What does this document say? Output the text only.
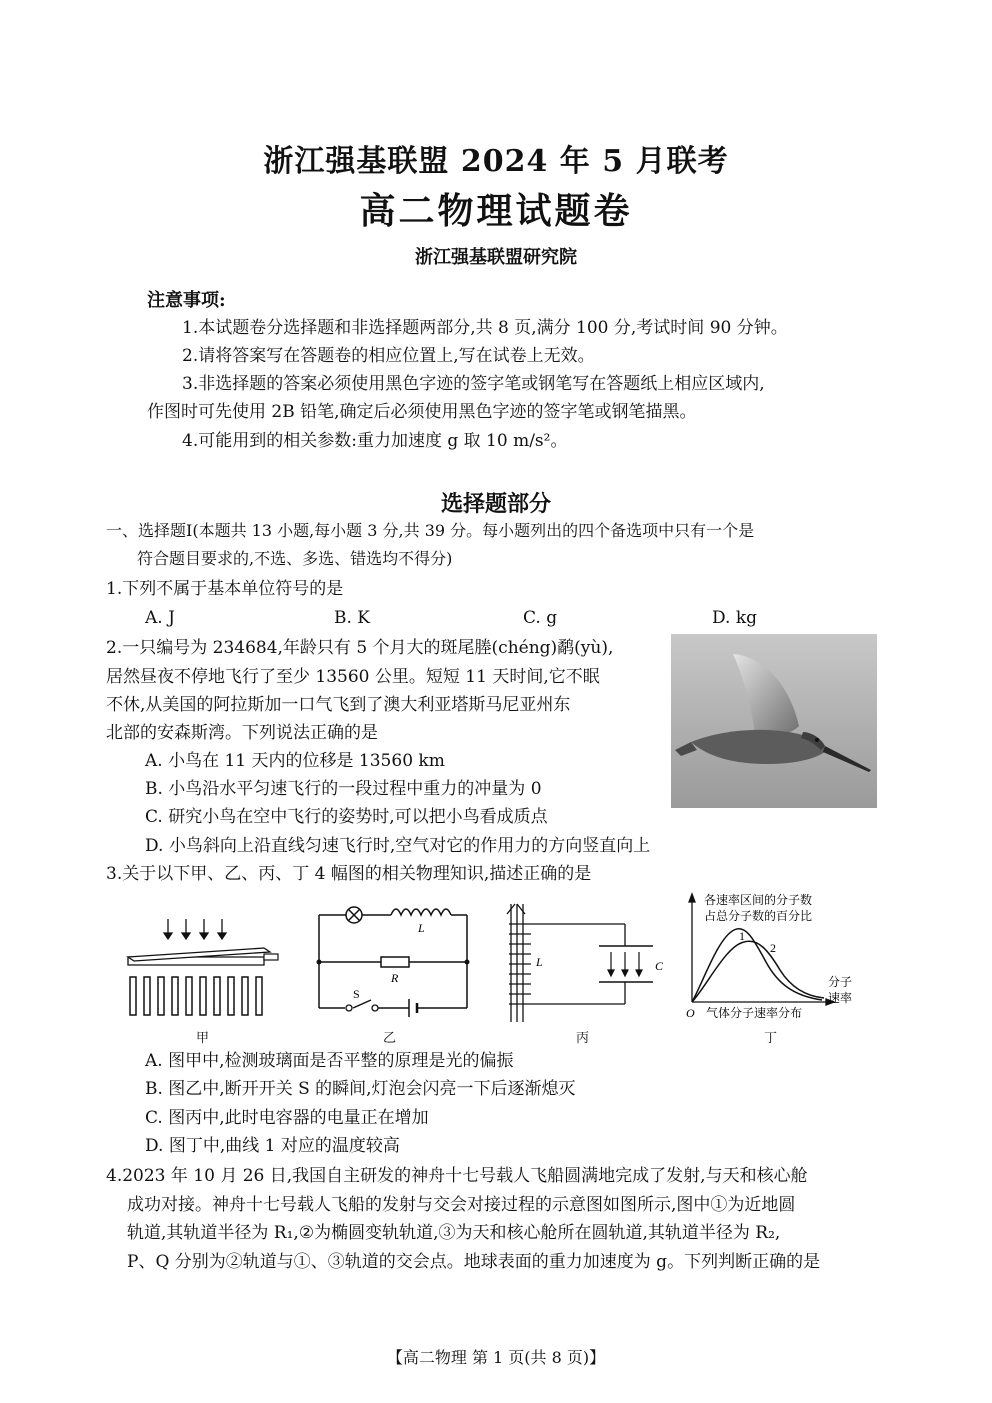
浙江强基联盟 2024 年 5 月联考
高二物理试题卷
浙江强基联盟研究院
注意事项:
1.本试题卷分选择题和非选择题两部分,共 8 页,满分 100 分,考试时间 90 分钟。
2.请将答案写在答题卷的相应位置上,写在试卷上无效。
3.非选择题的答案必须使用黑色字迹的签字笔或钢笔写在答题纸上相应区域内,
作图时可先使用 2B 铅笔,确定后必须使用黑色字迹的签字笔或钢笔描黑。
4.可能用到的相关参数:重力加速度 g 取 10 m/s²。
选择题部分
一、选择题Ⅰ(本题共 13 小题,每小题 3 分,共 39 分。每小题列出的四个备选项中只有一个是
符合题目要求的,不选、多选、错选均不得分)
1.下列不属于基本单位符号的是
A. J	B. K	C. g	D. kg
2.一只编号为 234684,年龄只有 5 个月大的斑尾塍(chéng)鹬(yù),
居然昼夜不停地飞行了至少 13560 公里。短短 11 天时间,它不眠
不休,从美国的阿拉斯加一口气飞到了澳大利亚塔斯马尼亚州东
北部的安森斯湾。下列说法正确的是
A. 小鸟在 11 天内的位移是 13560 km
B. 小鸟沿水平匀速飞行的一段过程中重力的冲量为 0
C. 研究小鸟在空中飞行的姿势时,可以把小鸟看成质点
D. 小鸟斜向上沿直线匀速飞行时,空气对它的作用力的方向竖直向上
3.关于以下甲、乙、丙、丁 4 幅图的相关物理知识,描述正确的是
L
R
S
L	C
各速率区间的分子数
占总分子数的百分比
1
2
分子
速率
O 气体分子速率分布
甲	乙	丙	丁
A. 图甲中,检测玻璃面是否平整的原理是光的偏振
B. 图乙中,断开开关 S 的瞬间,灯泡会闪亮一下后逐渐熄灭
C. 图丙中,此时电容器的电量正在增加
D. 图丁中,曲线 1 对应的温度较高
4.2023 年 10 月 26 日,我国自主研发的神舟十七号载人飞船圆满地完成了发射,与天和核心舱
成功对接。神舟十七号载人飞船的发射与交会对接过程的示意图如图所示,图中①为近地圆
轨道,其轨道半径为 R₁,②为椭圆变轨轨道,③为天和核心舱所在圆轨道,其轨道半径为 R₂,
P、Q 分别为②轨道与①、③轨道的交会点。地球表面的重力加速度为 g。下列判断正确的是
【高二物理 第 1 页(共 8 页)】
